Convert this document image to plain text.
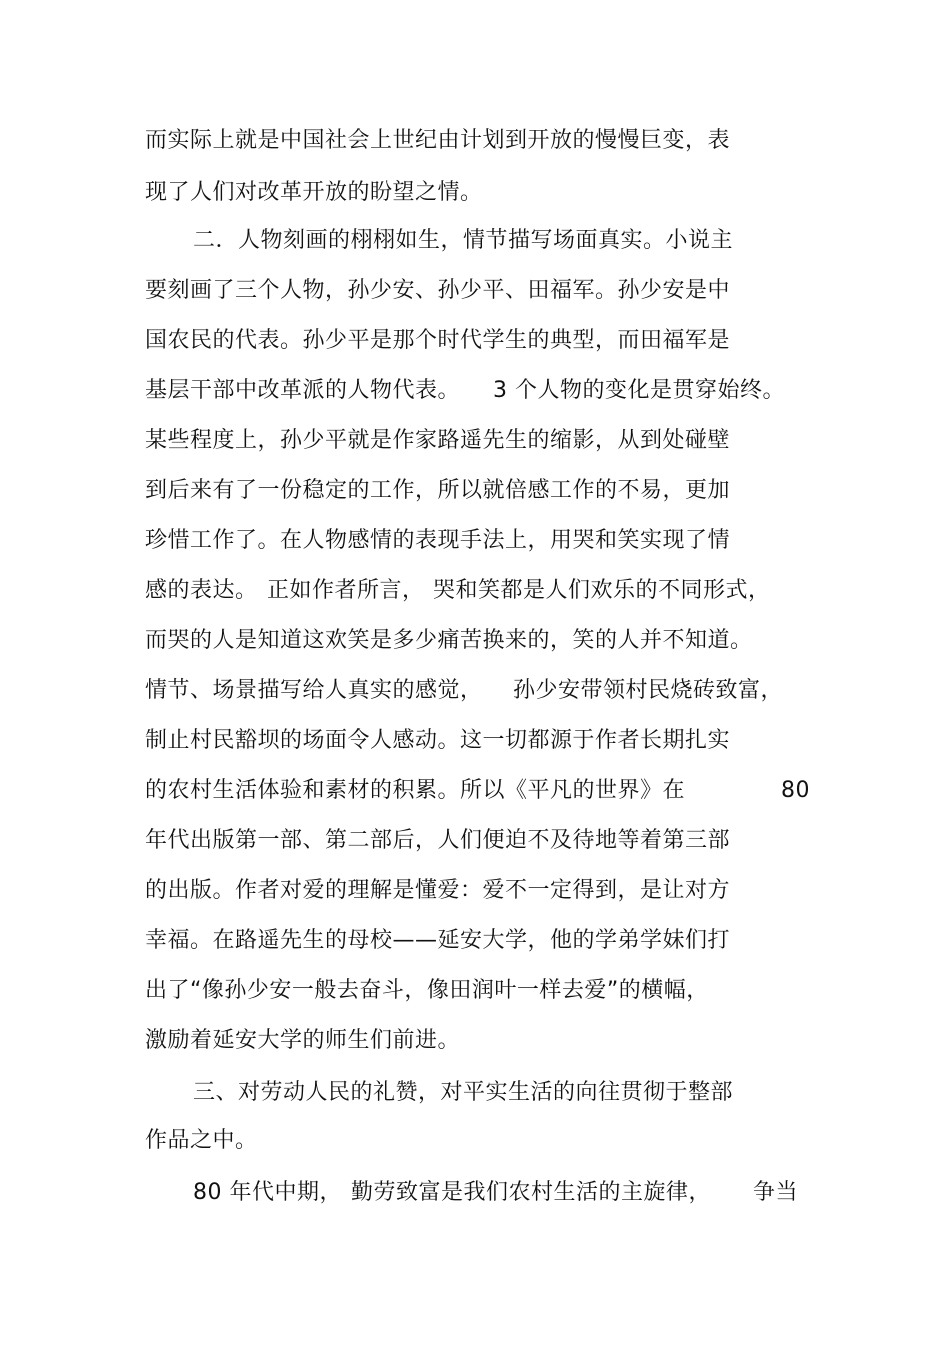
而实际上就是中国社会上世纪由计划到开放的慢慢巨变，表
现了人们对改革开放的盼望之情。
二．人物刻画的栩栩如生，情节描写场面真实。小说主
要刻画了三个人物，孙少安、孙少平、田福军。孙少安是中
国农民的代表。孙少平是那个时代学生的典型，而田福军是
基层干部中改革派的人物代表。 3 个人物的变化是贯穿始终。
某些程度上，孙少平就是作家路遥先生的缩影，从到处碰壁
到后来有了一份稳定的工作，所以就倍感工作的不易，更加
珍惜工作了。在人物感情的表现手法上，用哭和笑实现了情
感的表达。 正如作者所言， 哭和笑都是人们欢乐的不同形式，
而哭的人是知道这欢笑是多少痛苦换来的，笑的人并不知道。
情节、场景描写给人真实的感觉， 孙少安带领村民烧砖致富，
制止村民豁坝的场面令人感动。这一切都源于作者长期扎实
的农村生活体验和素材的积累。所以《平凡的世界》在	80
年代出版第一部、第二部后，人们便迫不及待地等着第三部
的出版。作者对爱的理解是懂爱：爱不一定得到，是让对方
幸福。在路遥先生的母校——延安大学，他的学弟学妹们打
出了“像孙少安一般去奋斗，像田润叶一样去爱”的横幅，
激励着延安大学的师生们前进。
三、对劳动人民的礼赞，对平实生活的向往贯彻于整部
作品之中。
80 年代中期， 勤劳致富是我们农村生活的主旋律， 争当
